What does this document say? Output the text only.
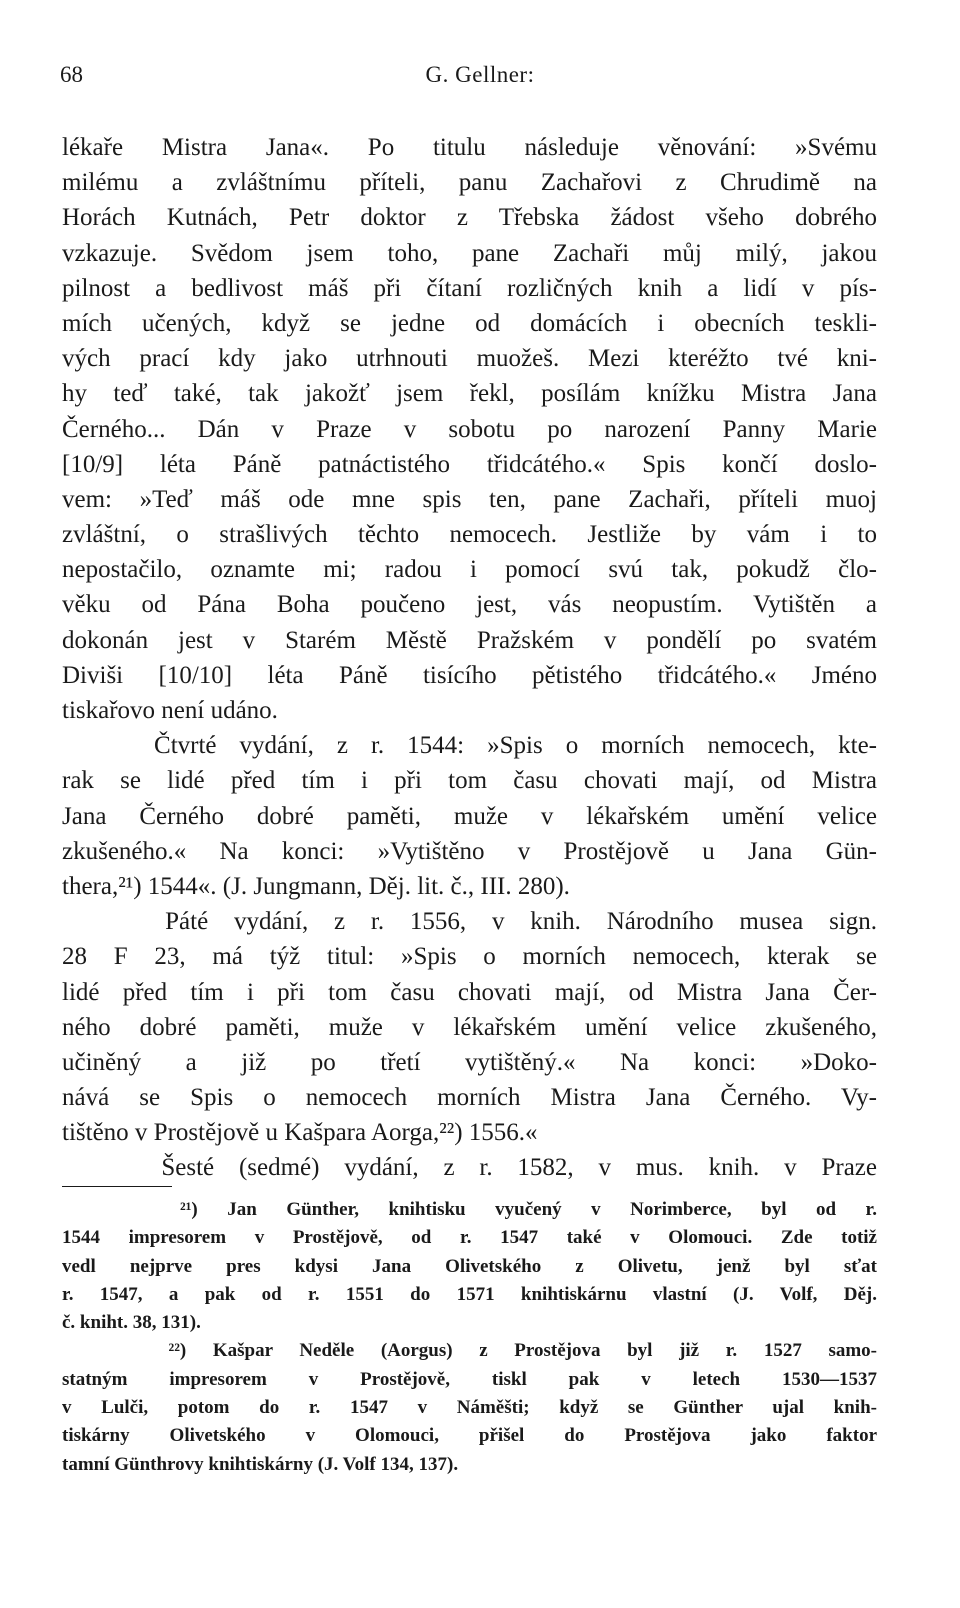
68	G. Gellner:
lékaře Mistra Jana«. Po titulu následuje věnování: »Svému
milému a zvláštnímu příteli, panu Zachařovi z Chrudimě na
Horách Kutnách, Petr doktor z Třebska žádost všeho dobrého
vzkazuje. Svědom jsem toho, pane Zachaři můj milý, jakou
pilnost a bedlivost máš při čítaní rozličných knih a lidí v pís-
mích učených, když se jedne od domácích i obecních teskli-
vých prací kdy jako utrhnouti muožeš. Mezi kteréžto tvé kni-
hy teď také, tak jakožť jsem řekl, posílám knížku Mistra Jana
Černého... Dán v Praze v sobotu po narození Panny Marie
[10/9] léta Páně patnáctistého třidcátého.« Spis končí doslo-
vem: »Teď máš ode mne spis ten, pane Zachaři, příteli muoj
zvláštní, o strašlivých těchto nemocech. Jestliže by vám i to
nepostačilo, oznamte mi; radou i pomocí svú tak, pokudž člo-
věku od Pána Boha poučeno jest, vás neopustím. Vytištěn a
dokonán jest v Starém Městě Pražském v pondělí po svatém
Diviši [10/10] léta Páně tisícího pětistého třidcátého.« Jméno
tiskařovo není udáno.
Čtvrté vydání, z r. 1544: »Spis o morních nemocech, kte-
rak se lidé před tím i při tom času chovati mají, od Mistra
Jana Černého dobré paměti, muže v lékařském umění velice
zkušeného.« Na konci: »Vytištěno v Prostějově u Jana Gün-
thera,²¹) 1544«. (J. Jungmann, Děj. lit. č., III. 280).
Páté vydání, z r. 1556, v knih. Národního musea sign.
28 F 23, má týž titul: »Spis o morních nemocech, kterak se
lidé před tím i při tom času chovati mají, od Mistra Jana Čer-
ného dobré paměti, muže v lékařském umění velice zkušeného,
učiněný a již po třetí vytištěný.« Na konci: »Doko-
nává se Spis o nemocech morních Mistra Jana Černého. Vy-
tištěno v Prostějově u Kašpara Aorga,²²) 1556.«
Šesté (sedmé) vydání, z r. 1582, v mus. knih. v Praze
²¹) Jan Günther, knihtisku vyučený v Norimberce, byl od r.
1544 impresorem v Prostějově, od r. 1547 také v Olomouci. Zde totiž
vedl nejprve pres kdysi Jana Olivetského z Olivetu, jenž byl sťat
r. 1547, a pak od r. 1551 do 1571 knihtiskárnu vlastní (J. Volf, Děj.
č. kniht. 38, 131).
²²) Kašpar Neděle (Aorgus) z Prostějova byl již r. 1527 samo-
statným impresorem v Prostějově, tiskl pak v letech 1530—1537
v Lulči, potom do r. 1547 v Náměšti; když se Günther ujal knih-
tiskárny Olivetského v Olomouci, přišel do Prostějova jako faktor
tamní Günthrovy knihtiskárny (J. Volf 134, 137).
